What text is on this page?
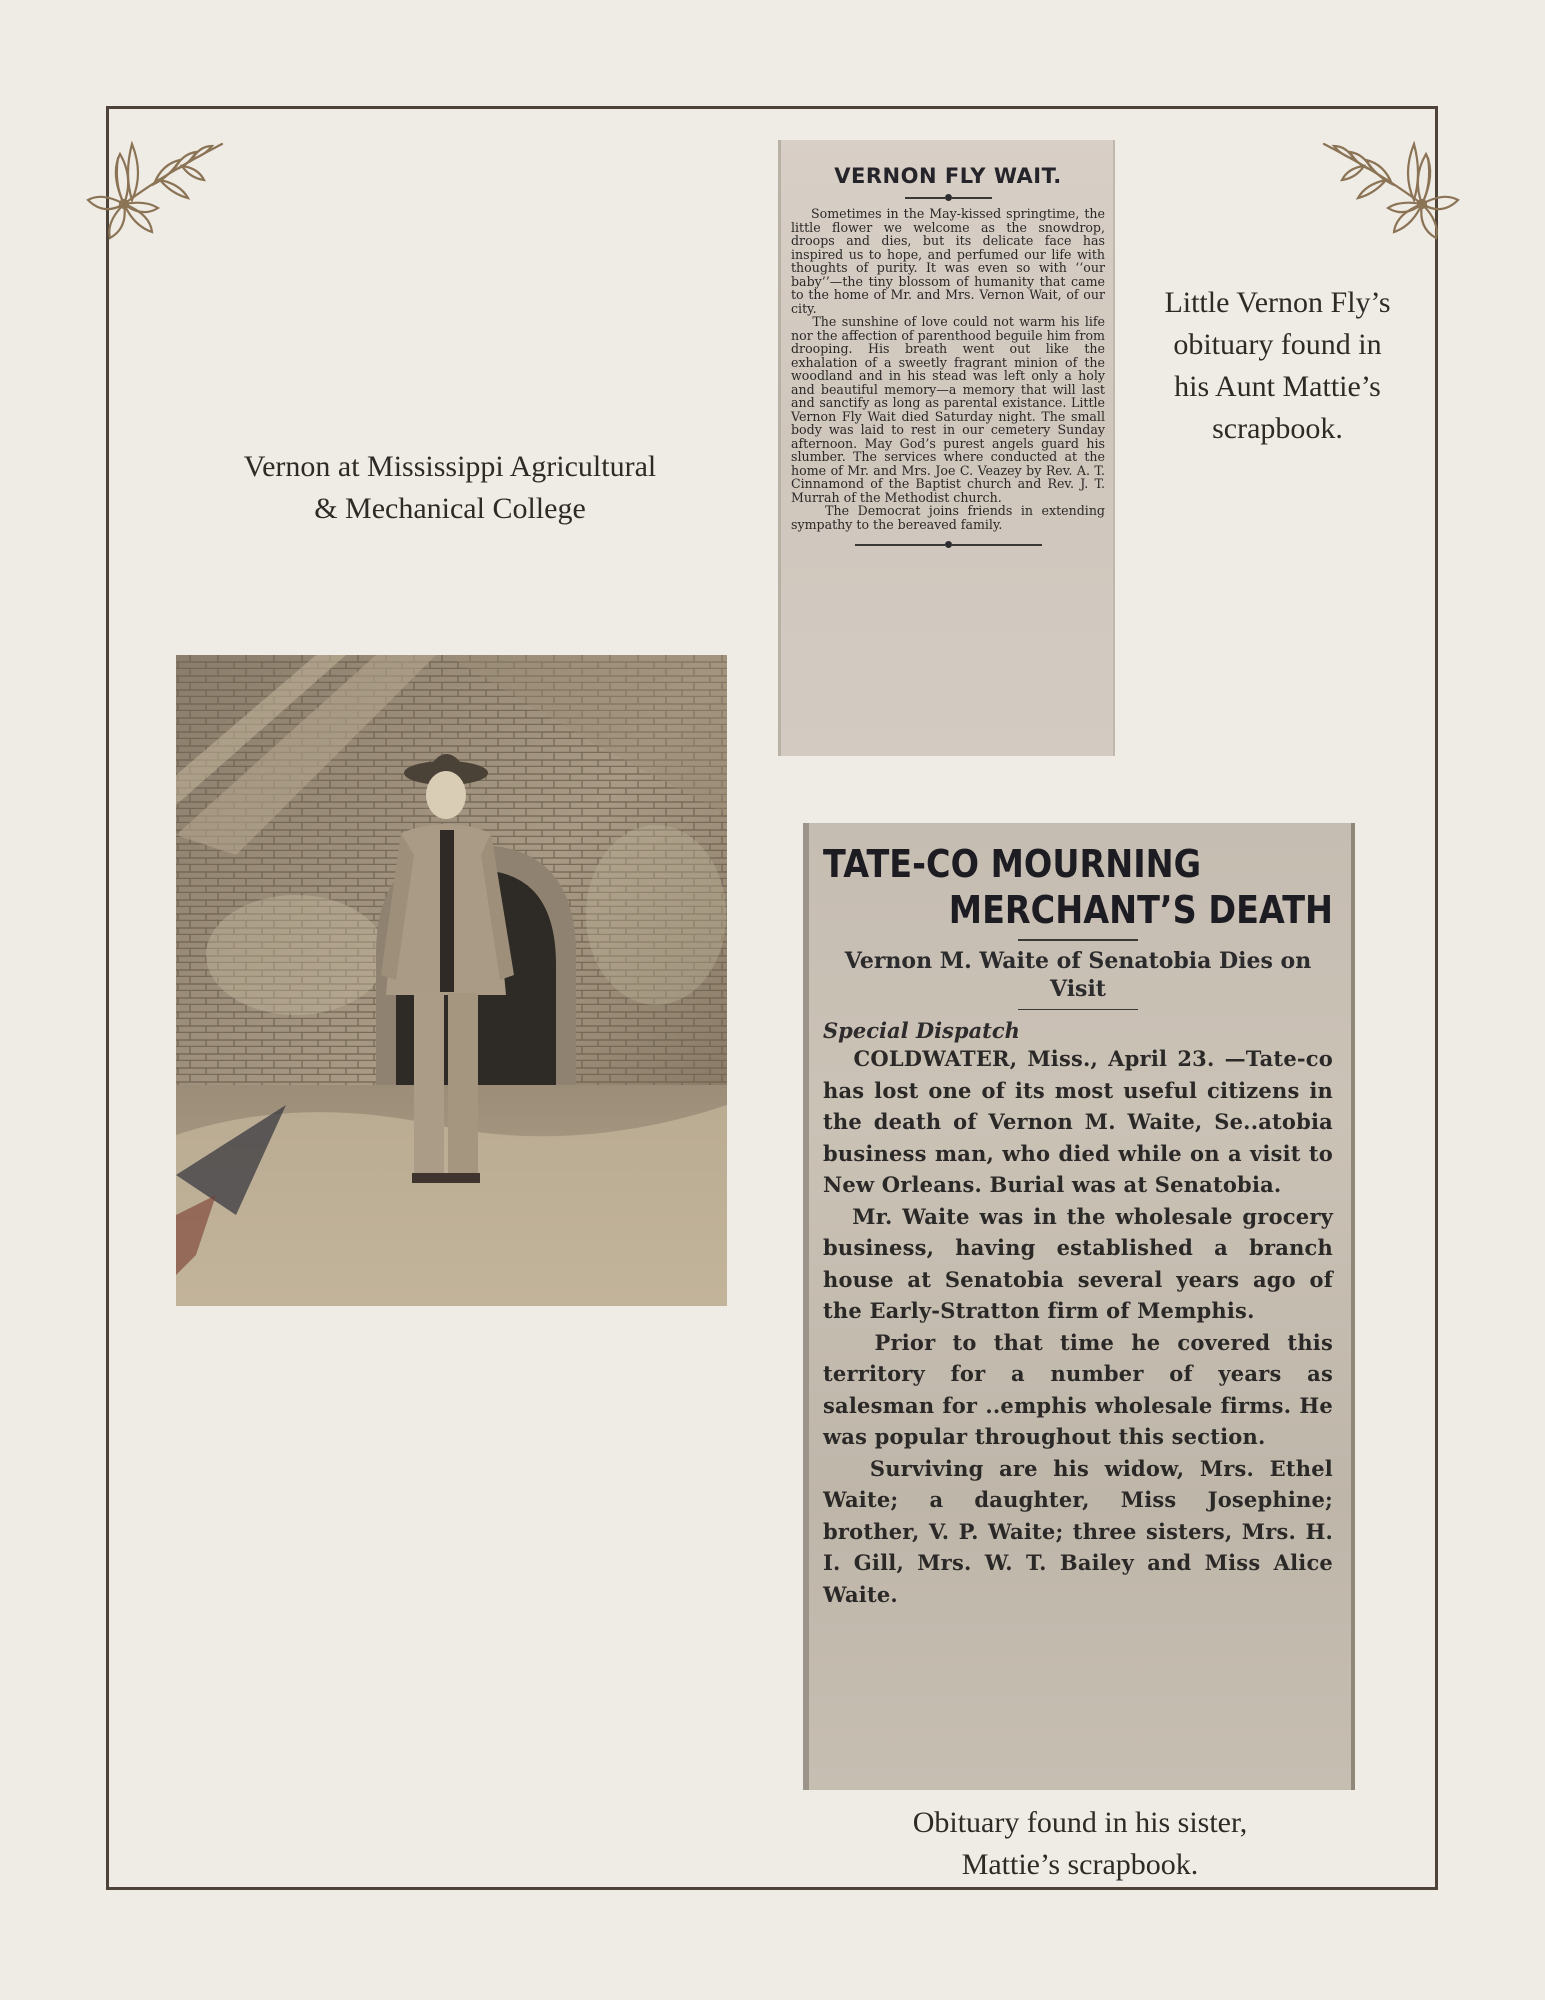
Vernon at Mississippi Agricultural & Mechanical College
Little Vernon Fly’s obituary found in his Aunt Mattie’s scrapbook.
Obituary found in his sister, Mattie’s scrapbook.
VERNON FLY WAIT.
Sometimes in the May-kissed springtime, the little flower we welcome as the snowdrop, droops and dies, but its delicate face has inspired us to hope, and perfumed our life with thoughts of purity. It was even so with ‘‘our baby’’—the tiny blossom of humanity that came to the home of Mr. and Mrs. Vernon Wait, of our city.
The sunshine of love could not warm his life nor the affection of parenthood beguile him from drooping. His breath went out like the exhalation of a sweetly fragrant minion of the woodland and in his stead was left only a holy and beautiful memory—a memory that will last and sanctify as long as parental existance. Little Vernon Fly Wait died Saturday night. The small body was laid to rest in our cemetery Sunday afternoon. May God’s purest angels guard his slumber. The services where conducted at the home of Mr. and Mrs. Joe C. Veazey by Rev. A. T. Cinnamond of the Baptist church and Rev. J. T. Murrah of the Methodist church.
The Democrat joins friends in extending sympathy to the bereaved family.
TATE-CO MOURNING
MERCHANT’S DEATH
Vernon M. Waite of Senatobia Dies on Visit
Special Dispatch
COLDWATER, Miss., April 23. —Tate-co has lost one of its most useful citizens in the death of Vernon M. Waite, Se..atobia business man, who died while on a visit to New Orleans. Burial was at Senatobia.
Mr. Waite was in the wholesale grocery business, having established a branch house at Senatobia several years ago of the Early-Stratton firm of Memphis.
Prior to that time he covered this territory for a number of years as salesman for ..emphis wholesale firms. He was popular throughout this section.
Surviving are his widow, Mrs. Ethel Waite; a daughter, Miss Josephine; brother, V. P. Waite; three sisters, Mrs. H. I. Gill, Mrs. W. T. Bailey and Miss Alice Waite.
